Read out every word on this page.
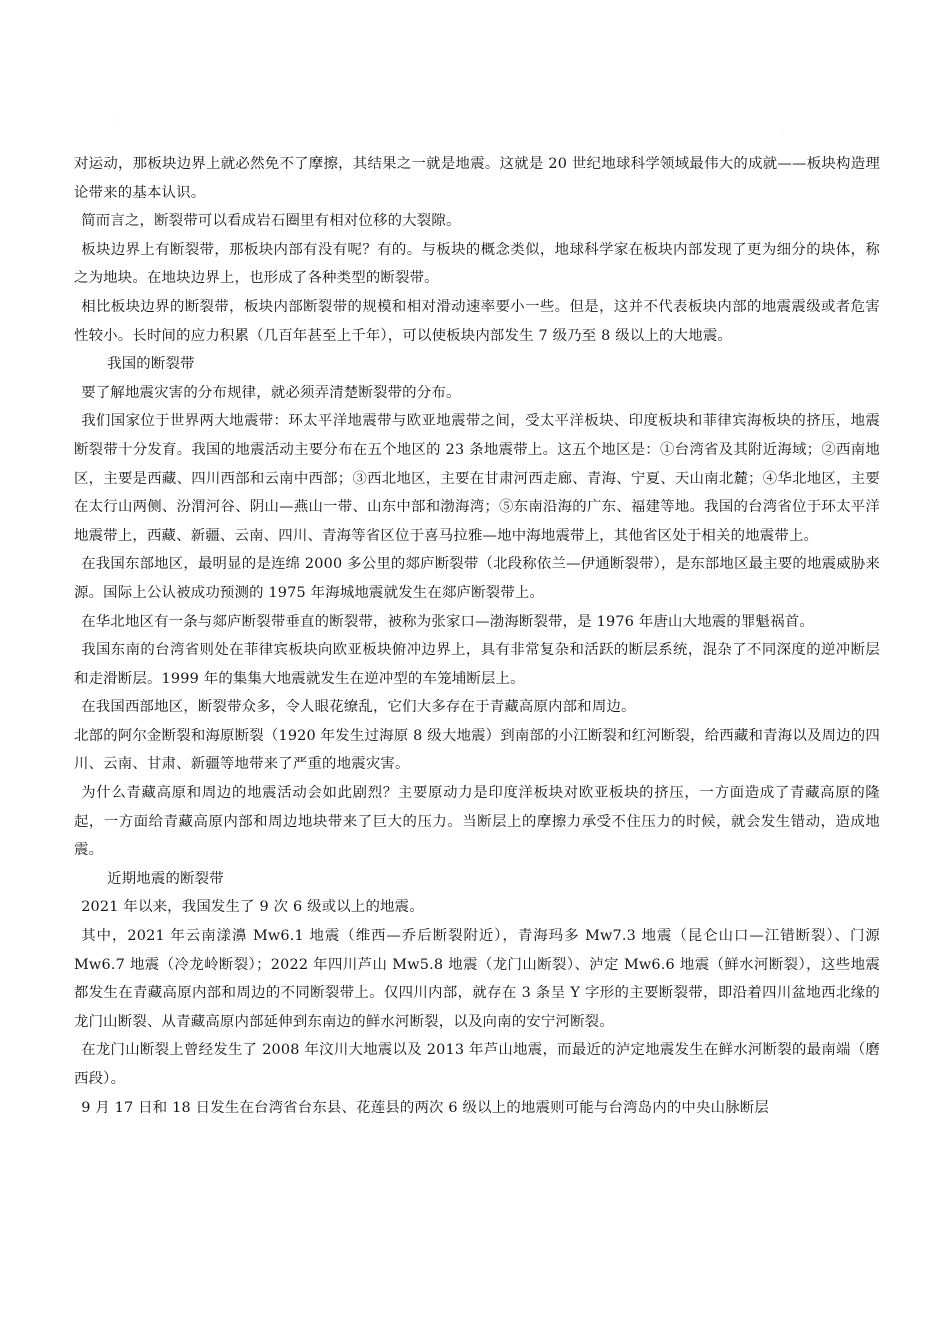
对运动，那板块边界上就必然免不了摩擦，其结果之一就是地震。这就是 20 世纪地球科学领域最伟大的成就——板块构造理论带来的基本认识。

简而言之，断裂带可以看成岩石圈里有相对位移的大裂隙。

板块边界上有断裂带，那板块内部有没有呢？有的。与板块的概念类似，地球科学家在板块内部发现了更为细分的块体，称之为地块。在地块边界上，也形成了各种类型的断裂带。

相比板块边界的断裂带，板块内部断裂带的规模和相对滑动速率要小一些。但是，这并不代表板块内部的地震震级或者危害性较小。长时间的应力积累（几百年甚至上千年），可以使板块内部发生 7 级乃至 8 级以上的大地震。

我国的断裂带

要了解地震灾害的分布规律，就必须弄清楚断裂带的分布。

我们国家位于世界两大地震带：环太平洋地震带与欧亚地震带之间，受太平洋板块、印度板块和菲律宾海板块的挤压，地震断裂带十分发育。我国的地震活动主要分布在五个地区的 23 条地震带上。这五个地区是：①台湾省及其附近海域；②西南地区，主要是西藏、四川西部和云南中西部；③西北地区，主要在甘肃河西走廊、青海、宁夏、天山南北麓；④华北地区，主要在太行山两侧、汾渭河谷、阴山—燕山一带、山东中部和渤海湾；⑤东南沿海的广东、福建等地。我国的台湾省位于环太平洋地震带上，西藏、新疆、云南、四川、青海等省区位于喜马拉雅—地中海地震带上，其他省区处于相关的地震带上。

在我国东部地区，最明显的是连绵 2000 多公里的郯庐断裂带（北段称依兰—伊通断裂带），是东部地区最主要的地震威胁来源。国际上公认被成功预测的 1975 年海城地震就发生在郯庐断裂带上。

在华北地区有一条与郯庐断裂带垂直的断裂带，被称为张家口—渤海断裂带，是 1976 年唐山大地震的罪魁祸首。

我国东南的台湾省则处在菲律宾板块向欧亚板块俯冲边界上，具有非常复杂和活跃的断层系统，混杂了不同深度的逆冲断层和走滑断层。1999 年的集集大地震就发生在逆冲型的车笼埔断层上。

在我国西部地区，断裂带众多，令人眼花缭乱，它们大多存在于青藏高原内部和周边。

北部的阿尔金断裂和海原断裂（1920 年发生过海原 8 级大地震）到南部的小江断裂和红河断裂，给西藏和青海以及周边的四川、云南、甘肃、新疆等地带来了严重的地震灾害。

为什么青藏高原和周边的地震活动会如此剧烈？主要原动力是印度洋板块对欧亚板块的挤压，一方面造成了青藏高原的隆起，一方面给青藏高原内部和周边地块带来了巨大的压力。当断层上的摩擦力承受不住压力的时候，就会发生错动，造成地震。

近期地震的断裂带

2021 年以来，我国发生了 9 次 6 级或以上的地震。

其中，2021 年云南漾濞 Mw6.1 地震（维西—乔后断裂附近），青海玛多 Mw7.3 地震（昆仑山口—江错断裂）、门源 Mw6.7 地震（冷龙岭断裂）；2022 年四川芦山 Mw5.8 地震（龙门山断裂）、泸定 Mw6.6 地震（鲜水河断裂），这些地震都发生在青藏高原内部和周边的不同断裂带上。仅四川内部，就存在 3 条呈 Y 字形的主要断裂带，即沿着四川盆地西北缘的龙门山断裂、从青藏高原内部延伸到东南边的鲜水河断裂，以及向南的安宁河断裂。

在龙门山断裂上曾经发生了 2008 年汶川大地震以及 2013 年芦山地震，而最近的泸定地震发生在鲜水河断裂的最南端（磨西段）。

9 月 17 日和 18 日发生在台湾省台东县、花莲县的两次 6 级以上的地震则可能与台湾岛内的中央山脉断层
